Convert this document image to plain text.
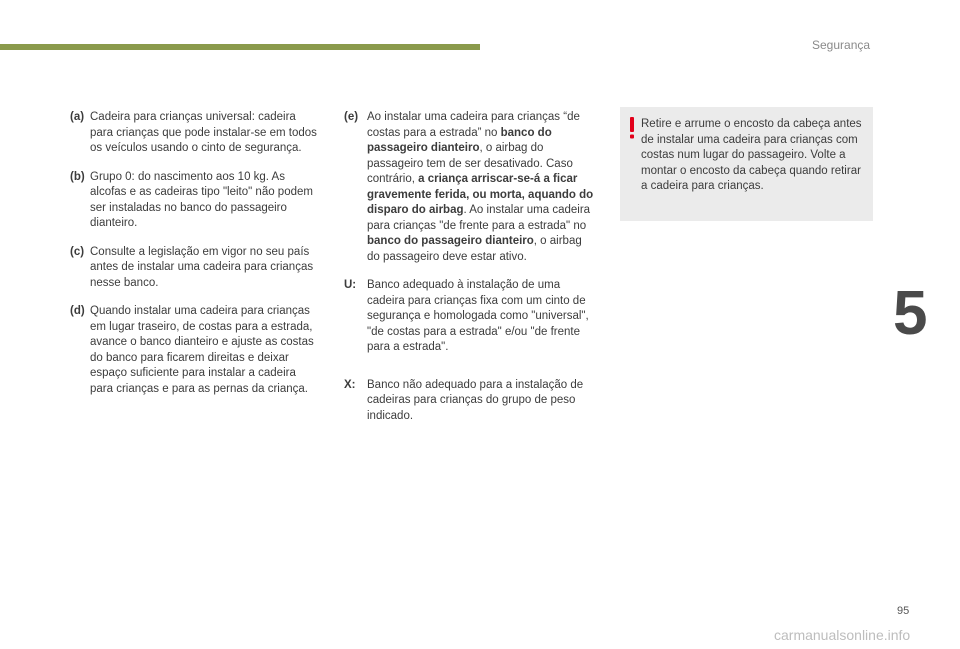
Segurança
5
(a) Cadeira para crianças universal: cadeira para crianças que pode instalar-se em todos os veículos usando o cinto de segurança.
(b) Grupo 0: do nascimento aos 10 kg. As alcofas e as cadeiras tipo "leito" não podem ser instaladas no banco do passageiro dianteiro.
(c) Consulte a legislação em vigor no seu país antes de instalar uma cadeira para crianças nesse banco.
(d) Quando instalar uma cadeira para crianças em lugar traseiro, de costas para a estrada, avance o banco dianteiro e ajuste as costas do banco para ficarem direitas e deixar espaço suficiente para instalar a cadeira para crianças e para as pernas da criança.
(e) Ao instalar uma cadeira para crianças “de costas para a estrada” no banco do passageiro dianteiro, o airbag do passageiro tem de ser desativado. Caso contrário, a criança arriscar-se-á a ficar gravemente ferida, ou morta, aquando do disparo do airbag. Ao instalar uma cadeira para crianças "de frente para a estrada" no banco do passageiro dianteiro, o airbag do passageiro deve estar ativo.
U: Banco adequado à instalação de uma cadeira para crianças fixa com um cinto de segurança e homologada como "universal", "de costas para a estrada" e/ou "de frente para a estrada".
X:	Banco não adequado para a instalação de cadeiras para crianças do grupo de peso indicado.
Retire e arrume o encosto da cabeça antes de instalar uma cadeira para crianças com costas num lugar do passageiro. Volte a montar o encosto da cabeça quando retirar a cadeira para crianças.
95
carmanualsonline.info
